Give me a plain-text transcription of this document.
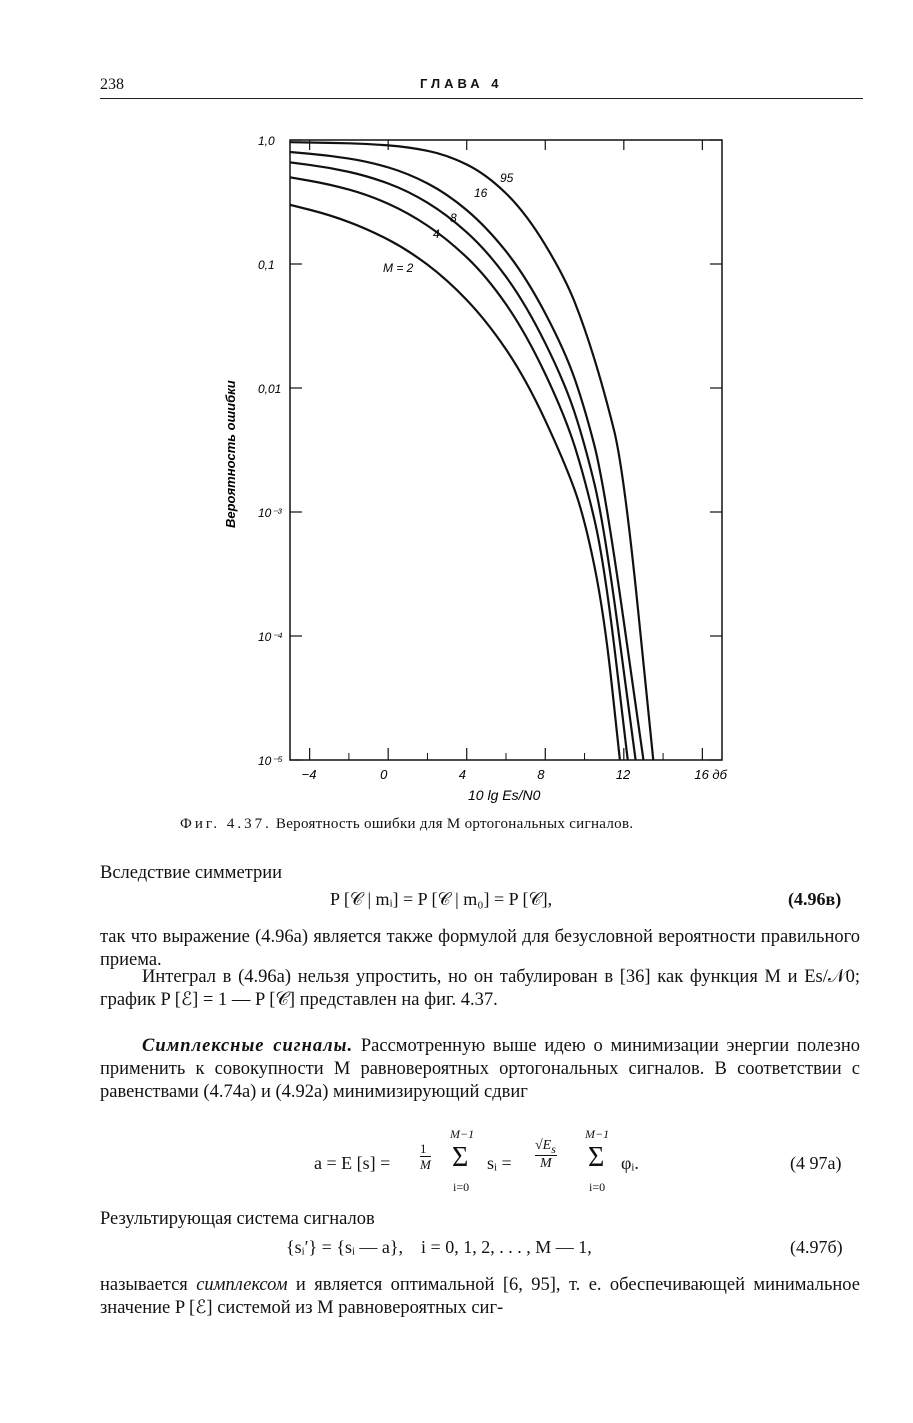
238	ГЛАВА 4
1,0
0,1
0,01
10⁻³
10⁻⁴
10⁻⁵
−4	0	4	8	12	16 дб
10 lg Es/N0
Вероятность ошибки
M = 2
4
8
16
95
Фиг. 4.37. Вероятность ошибки для M ортогональных сигналов.
Вследствие симметрии
P [𝒞 | mᵢ] = P [𝒞 | m₀] = P [𝒞],	(4.96в)
так что выражение (4.96а) является также формулой для безусловной вероятности правильного приема.
Интеграл в (4.96а) нельзя упростить, но он табулирован в [36] как функция M и Es/𝒩0; график P [ℰ] = 1 — P [𝒞] представлен на фиг. 4.37.
Симплексные сигналы. Рассмотренную выше идею о минимизации энергии полезно применить к совокупности M равновероятных ортогональных сигналов. В соответствии с равенствами (4.74а) и (4.92а) минимизирующий сдвиг
a = E [s] =
1
M
M−1
Σ
i=0
sᵢ =
$√E_s$
M
M−1
Σ
i=0
φᵢ.	(4 97а)
Результирующая система сигналов
{sᵢ′} = {sᵢ — a},    i = 0, 1, 2, . . . , M — 1,	(4.97б)
называется симплексом и является оптимальной [6, 95], т. е. обеспечивающей минимальное значение P [ℰ] системой из M равновероятных сиг-
